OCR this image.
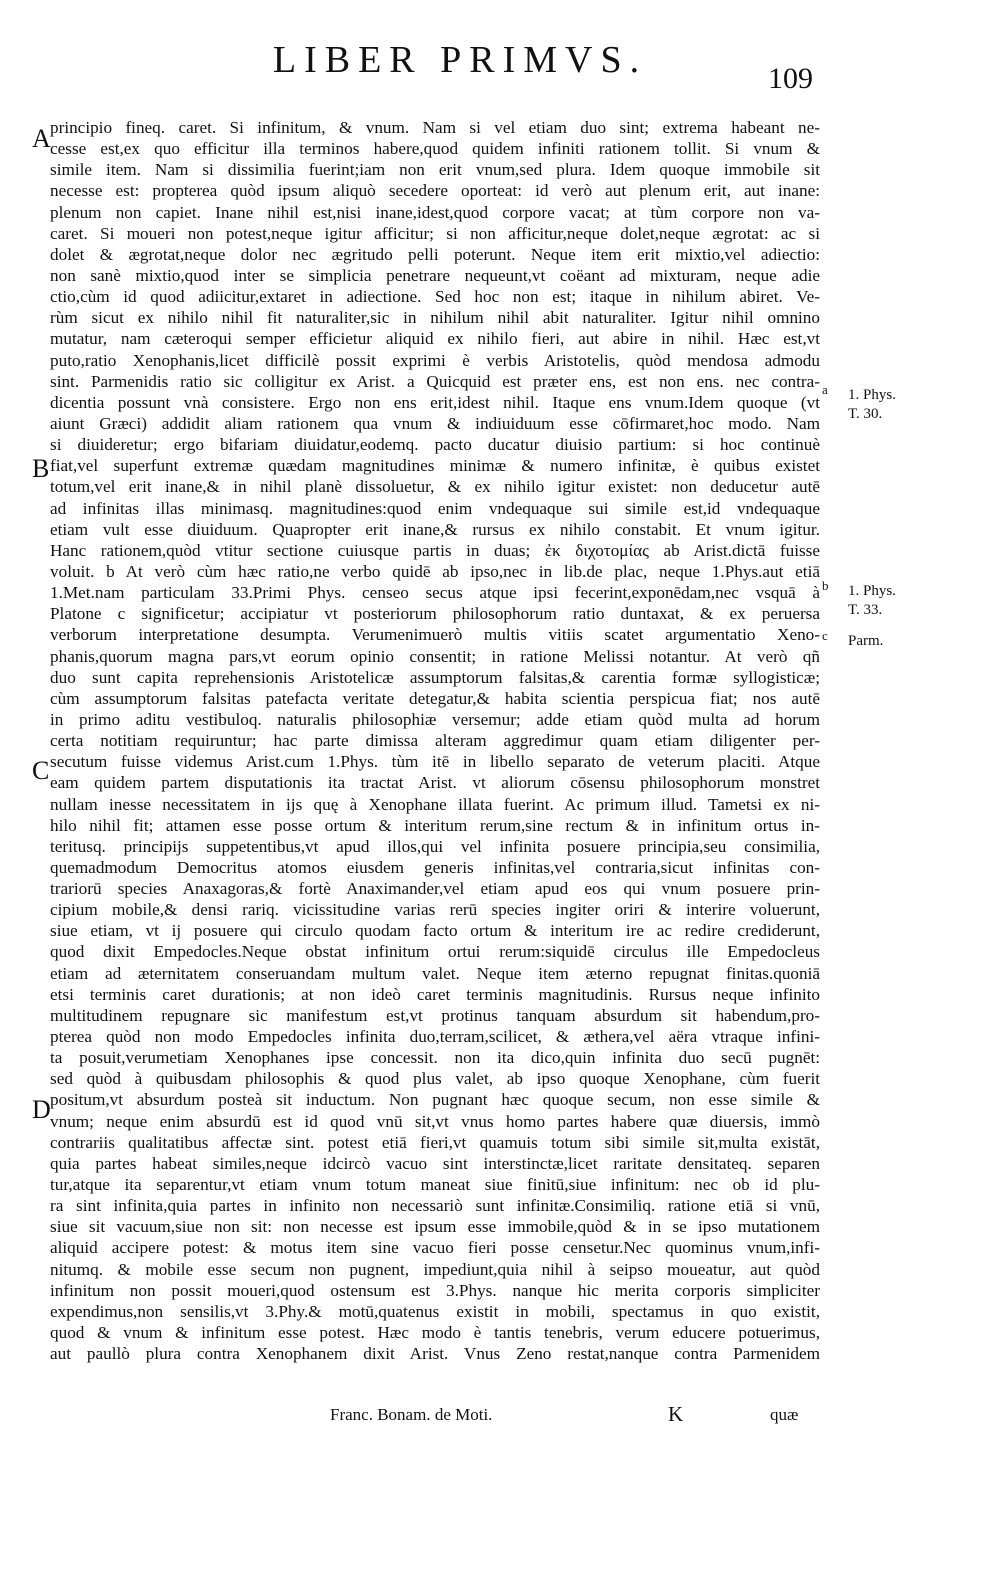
LIBER PRIMVS.	109
A
B
C
D
principio fineq. caret. Si infinitum, & vnum. Nam si vel etiam duo sint; extrema habeant ne-
cesse est,ex quo efficitur illa terminos habere,quod quidem infiniti rationem tollit. Si vnum &
simile item. Nam si dissimilia fuerint;iam non erit vnum,sed plura. Idem quoque immobile sit
necesse est: propterea quòd ipsum aliquò secedere oporteat: id verò aut plenum erit, aut inane:
plenum non capiet. Inane nihil est,nisi inane,idest,quod corpore vacat; at tùm corpore non va-
caret. Si moueri non potest,neque igitur afficitur; si non afficitur,neque dolet,neque ægrotat: ac si
dolet & ægrotat,neque dolor nec ægritudo pelli poterunt. Neque item erit mixtio,vel adiectio:
non sanè mixtio,quod inter se simplicia penetrare nequeunt,vt coëant ad mixturam, neque adie
ctio,cùm id quod adiicitur,extaret in adiectione. Sed hoc non est; itaque in nihilum abiret. Ve-
rùm sicut ex nihilo nihil fit naturaliter,sic in nihilum nihil abit naturaliter. Igitur nihil omnino
mutatur, nam cæteroqui semper efficietur aliquid ex nihilo fieri, aut abire in nihil. Hæc est,vt
puto,ratio Xenophanis,licet difficilè possit exprimi è verbis Aristotelis, quòd mendosa admodu
sint. Parmenidis ratio sic colligitur ex Arist. a Quicquid est præter ens, est non ens. nec contra-
dicentia possunt vnà consistere. Ergo non ens erit,idest nihil. Itaque ens vnum.Idem quoque (vt
aiunt Græci) addidit aliam rationem qua vnum & indiuiduum esse cōfirmaret,hoc modo. Nam
si diuideretur; ergo bifariam diuidatur,eodemq. pacto ducatur diuisio partium: si hoc continuè
fiat,vel superfunt extremæ quædam magnitudines minimæ & numero infinitæ, è quibus existet
totum,vel erit inane,& in nihil planè dissoluetur, & ex nihilo igitur existet: non deducetur autē
ad infinitas illas minimasq. magnitudines:quod enim vndequaque sui simile est,id vndequaque
etiam vult esse diuiduum. Quapropter erit inane,& rursus ex nihilo constabit. Et vnum igitur.
Hanc rationem,quòd vtitur sectione cuiusque partis in duas; ἐκ διχοτομίας ab Arist.dictā fuisse
voluit. b At verò cùm hæc ratio,ne verbo quidē ab ipso,nec in lib.de plac, neque 1.Phys.aut etiā
1.Met.nam particulam 33.Primi Phys. censeo secus atque ipsi fecerint,exponēdam,nec vsquā à
Platone c significetur; accipiatur vt posteriorum philosophorum ratio duntaxat, & ex peruersa
verborum interpretatione desumpta. Verumenimuerò multis vitiis scatet argumentatio Xeno-
phanis,quorum magna pars,vt eorum opinio consentit; in ratione Melissi notantur. At verò qñ
duo sunt capita reprehensionis Aristotelicæ assumptorum falsitas,& carentia formæ syllogisticæ;
cùm assumptorum falsitas patefacta veritate detegatur,& habita scientia perspicua fiat; nos autē
in primo aditu vestibuloq. naturalis philosophiæ versemur; adde etiam quòd multa ad horum
certa notitiam requiruntur; hac parte dimissa alteram aggredimur quam etiam diligenter per-
secutum fuisse videmus Arist.cum 1.Phys. tùm itē in libello separato de veterum placiti. Atque
eam quidem partem disputationis ita tractat Arist. vt aliorum cōsensu philosophorum monstret
nullam inesse necessitatem in ijs quę à Xenophane illata fuerint. Ac primum illud. Tametsi ex ni-
hilo nihil fit; attamen esse posse ortum & interitum rerum,sine rectum & in infinitum ortus in-
teritusq. principijs suppetentibus,vt apud illos,qui vel infinita posuere principia,seu consimilia,
quemadmodum Democritus atomos eiusdem generis infinitas,vel contraria,sicut infinitas con-
trariorū species Anaxagoras,& fortè Anaximander,vel etiam apud eos qui vnum posuere prin-
cipium mobile,& densi rariq. vicissitudine varias rerū species ingiter oriri & interire voluerunt,
siue etiam, vt ij posuere qui circulo quodam facto ortum & interitum ire ac redire crediderunt,
quod dixit Empedocles.Neque obstat infinitum ortui rerum:siquidē circulus ille Empedocleus
etiam ad æternitatem conseruandam multum valet. Neque item æterno repugnat finitas.quoniā
etsi terminis caret durationis; at non ideò caret terminis magnitudinis. Rursus neque infinito
multitudinem repugnare sic manifestum est,vt protinus tanquam absurdum sit habendum,pro-
pterea quòd non modo Empedocles infinita duo,terram,scilicet, & æthera,vel aëra vtraque infini-
ta posuit,verumetiam Xenophanes ipse concessit. non ita dico,quin infinita duo secū pugnēt:
sed quòd à quibusdam philosophis & quod plus valet, ab ipso quoque Xenophane, cùm fuerit
positum,vt absurdum posteà sit inductum. Non pugnant hæc quoque secum, non esse simile &
vnum; neque enim absurdū est id quod vnū sit,vt vnus homo partes habere quæ diuersis, immò
contrariis qualitatibus affectæ sint. potest etiā fieri,vt quamuis totum sibi simile sit,multa existāt,
quia partes habeat similes,neque idcircò vacuo sint interstinctæ,licet raritate densitateq. separen
tur,atque ita separentur,vt etiam vnum totum maneat siue finitū,siue infinitum: nec ob id plu-
ra sint infinita,quia partes in infinito non necessariò sunt infinitæ.Consimiliq. ratione etiā si vnū,
siue sit vacuum,siue non sit: non necesse est ipsum esse immobile,quòd & in se ipso mutationem
aliquid accipere potest: & motus item sine vacuo fieri posse censetur.Nec quominus vnum,infi-
nitumq. & mobile esse secum non pugnent, impediunt,quia nihil à seipso moueatur, aut quòd
infinitum non possit moueri,quod ostensum est 3.Phys. nanque hic merita corporis simpliciter
expendimus,non sensilis,vt 3.Phy.& motū,quatenus existit in mobili, spectamus in quo existit,
quod & vnum & infinitum esse potest. Hæc modo è tantis tenebris, verum educere potuerimus,
aut paullò plura contra Xenophanem dixit Arist. Vnus Zeno restat,nanque contra Parmenidem
a 1. Phys.
T. 30.
b 1. Phys.
T. 33.
c Parm.
Franc. Bonam. de Moti.	K	quæ
